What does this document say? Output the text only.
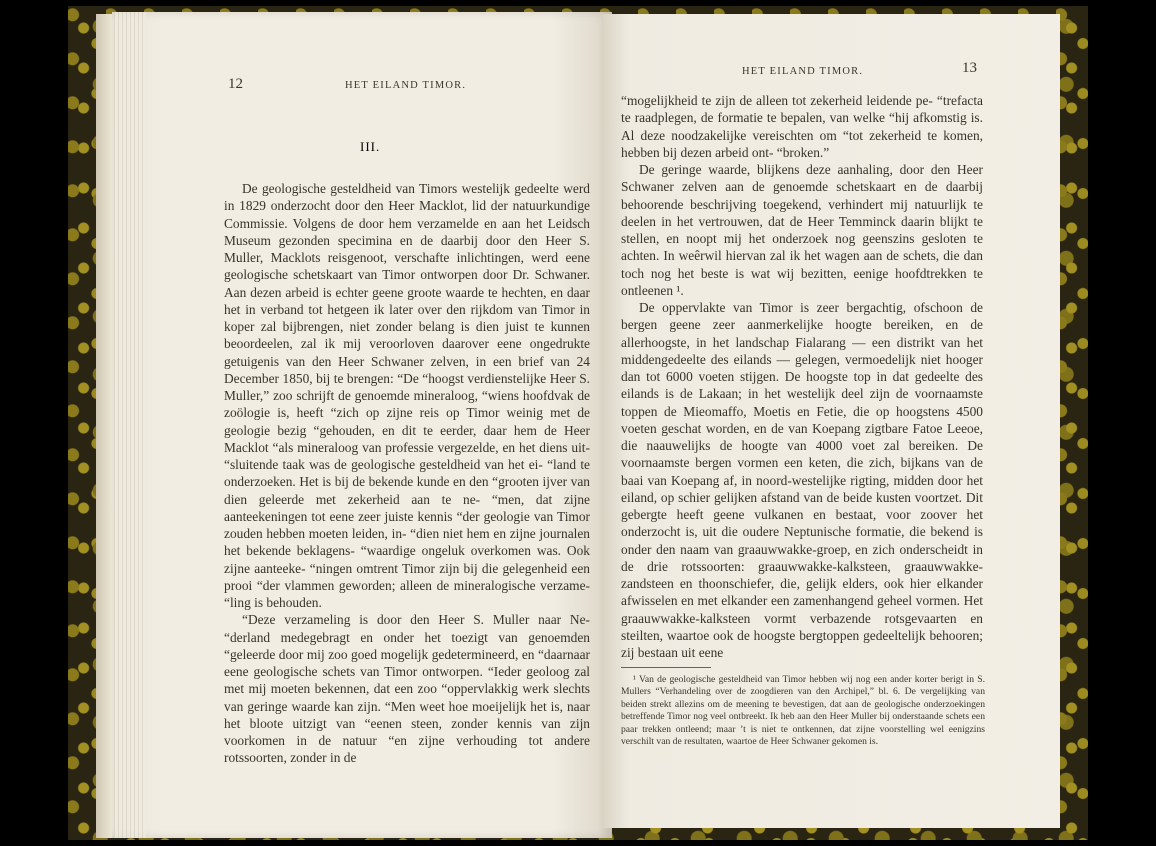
12	HET EILAND TIMOR.
III.

De geologische gesteldheid van Timors westelijk gedeelte werd in 1829 onderzocht door den Heer Macklot, lid der natuurkundige Commissie. Volgens de door hem verzamelde en aan het Leidsch Museum gezonden specimina en de daarbij door den Heer S. Muller, Macklots reisgenoot, verschafte inlichtingen, werd eene geologische schetskaart van Timor ontworpen door Dr. Schwaner. Aan dezen arbeid is echter geene groote waarde te hechten, en daar het in verband tot hetgeen ik later over den rijkdom van Timor in koper zal bijbrengen, niet zonder belang is dien juist te kunnen beoordeelen, zal ik mij veroorloven daarover eene ongedrukte getuigenis van den Heer Schwaner zelven, in een brief van 24 December 1850, bij te brengen: “De “hoogst verdienstelijke Heer S. Muller,” zoo schrijft de genoemde mineraloog, “wiens hoofdvak de zoölogie is, heeft “zich op zijne reis op Timor weinig met de geologie bezig “gehouden, en dit te eerder, daar hem de Heer Macklot “als mineraloog van professie vergezelde, en het diens uit- “sluitende taak was de geologische gesteldheid van het ei- “land te onderzoeken. Het is bij de bekende kunde en den “grooten ijver van dien geleerde met zekerheid aan te ne- “men, dat zijne aanteekeningen tot eene zeer juiste kennis “der geologie van Timor zouden hebben moeten leiden, in- “dien niet hem en zijne journalen het bekende beklagens- “waardige ongeluk overkomen was. Ook zijne aanteeke- “ningen omtrent Timor zijn bij die gelegenheid een prooi “der vlammen geworden; alleen de mineralogische verzame- “ling is behouden.

“Deze verzameling is door den Heer S. Muller naar Ne- “derland medegebragt en onder het toezigt van genoemden “geleerde door mij zoo goed mogelijk gedetermineerd, en “daarnaar eene geologische schets van Timor ontworpen. “Ieder geoloog zal met mij moeten bekennen, dat een zoo “oppervlakkig werk slechts van geringe waarde kan zijn. “Men weet hoe moeijelijk het is, naar het bloote uitzigt van “eenen steen, zonder kennis van zijn voorkomen in de natuur “en zijne verhouding tot andere rotssoorten, zonder in de

HET EILAND TIMOR.	13

“mogelijkheid te zijn de alleen tot zekerheid leidende pe- “trefacta te raadplegen, de formatie te bepalen, van welke “hij afkomstig is. Al deze noodzakelijke vereischten om “tot zekerheid te komen, hebben bij dezen arbeid ont- “broken.”

De geringe waarde, blijkens deze aanhaling, door den Heer Schwaner zelven aan de genoemde schetskaart en de daarbij behoorende beschrijving toegekend, verhindert mij natuurlijk te deelen in het vertrouwen, dat de Heer Temminck daarin blijkt te stellen, en noopt mij het onderzoek nog geenszins gesloten te achten. In weêrwil hiervan zal ik het wagen aan de schets, die dan toch nog het beste is wat wij bezitten, eenige hoofdtrekken te ontleenen ¹.

De oppervlakte van Timor is zeer bergachtig, ofschoon de bergen geene zeer aanmerkelijke hoogte bereiken, en de allerhoogste, in het landschap Fialarang — een distrikt van het middengedeelte des eilands — gelegen, vermoedelijk niet hooger dan tot 6000 voeten stijgen. De hoogste top in dat gedeelte des eilands is de Lakaan; in het westelijk deel zijn de voornaamste toppen de Mieomaffo, Moetis en Fetie, die op hoogstens 4500 voeten geschat worden, en de van Koepang zigtbare Fatoe Leeoe, die naauwelijks de hoogte van 4000 voet zal bereiken. De voornaamste bergen vormen een keten, die zich, bijkans van de baai van Koepang af, in noord-westelijke rigting, midden door het eiland, op schier gelijken afstand van de beide kusten voortzet. Dit gebergte heeft geene vulkanen en bestaat, voor zoover het onderzocht is, uit die oudere Neptunische formatie, die bekend is onder den naam van graauwwakke-groep, en zich onderscheidt in de drie rotssoorten: graauwwakke-kalksteen, graauwwakke-zandsteen en thoonschiefer, die, gelijk elders, ook hier elkander afwisselen en met elkander een zamenhangend geheel vormen. Het graauwwakke-kalksteen vormt verbazende rotsgevaarten en steilten, waartoe ook de hoogste bergtoppen gedeeltelijk behooren; zij bestaan uit eene

¹ Van de geologische gesteldheid van Timor hebben wij nog een ander korter berigt in S. Mullers “Verhandeling over de zoogdieren van den Archipel,” bl. 6. De vergelijking van beiden strekt allezins om de meening te bevestigen, dat aan de geologische onderzoekingen betreffende Timor nog veel ontbreekt. Ik heb aan den Heer Muller bij onderstaande schets een paar trekken ontleend; maar ’t is niet te ontkennen, dat zijne voorstelling wel eenigzins verschilt van de resultaten, waartoe de Heer Schwaner gekomen is.
